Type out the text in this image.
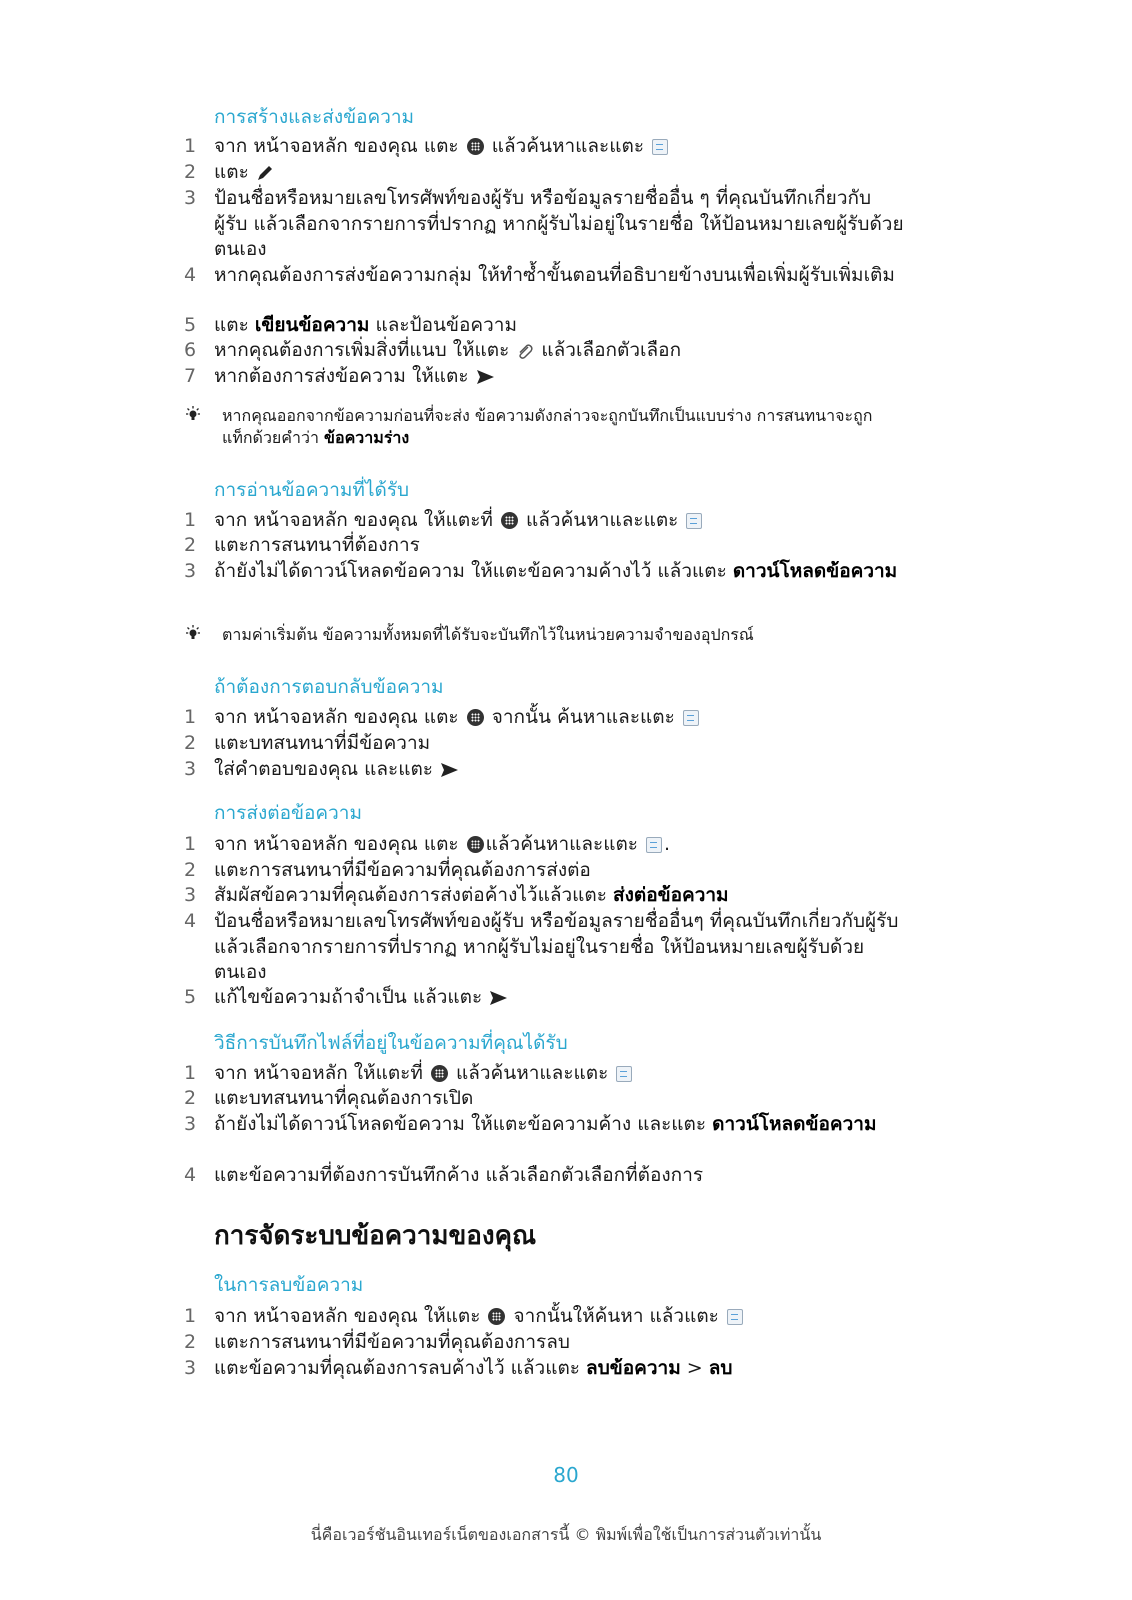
การสร้างและส่งข้อความ
1 จาก หน้าจอหลัก ของคุณ แตะ  แล้วค้นหาและแตะ
2 แตะ
3 ป้อนชื่อหรือหมายเลขโทรศัพท์ของผู้รับ หรือข้อมูลรายชื่ออื่น ๆ ที่คุณบันทึกเกี่ยวกับผู้รับ แล้วเลือกจากรายการที่ปรากฏ หากผู้รับไม่อยู่ในรายชื่อ ให้ป้อนหมายเลขผู้รับด้วยตนเอง
4 หากคุณต้องการส่งข้อความกลุ่ม ให้ทำซ้ำขั้นตอนที่อธิบายข้างบนเพื่อเพิ่มผู้รับเพิ่มเติม
5 แตะ เขียนข้อความ และป้อนข้อความ
6 หากคุณต้องการเพิ่มสิ่งที่แนบ ให้แตะ  แล้วเลือกตัวเลือก
7 หากต้องการส่งข้อความ ให้แตะ
หากคุณออกจากข้อความก่อนที่จะส่ง ข้อความดังกล่าวจะถูกบันทึกเป็นแบบร่าง การสนทนาจะถูกแท็กด้วยคำว่า ข้อความร่าง
การอ่านข้อความที่ได้รับ
1 จาก หน้าจอหลัก ของคุณ ให้แตะที่  แล้วค้นหาและแตะ
2 แตะการสนทนาที่ต้องการ
3 ถ้ายังไม่ได้ดาวน์โหลดข้อความ ให้แตะข้อความค้างไว้ แล้วแตะ ดาวน์โหลดข้อความ
ตามค่าเริ่มต้น ข้อความทั้งหมดที่ได้รับจะบันทึกไว้ในหน่วยความจำของอุปกรณ์
ถ้าต้องการตอบกลับข้อความ
1 จาก หน้าจอหลัก ของคุณ แตะ  จากนั้น ค้นหาและแตะ
2 แตะบทสนทนาที่มีข้อความ
3 ใส่คำตอบของคุณ และแตะ
การส่งต่อข้อความ
1 จาก หน้าจอหลัก ของคุณ แตะ แล้วค้นหาและแตะ .
2 แตะการสนทนาที่มีข้อความที่คุณต้องการส่งต่อ
3 สัมผัสข้อความที่คุณต้องการส่งต่อค้างไว้แล้วแตะ ส่งต่อข้อความ
4 ป้อนชื่อหรือหมายเลขโทรศัพท์ของผู้รับ หรือข้อมูลรายชื่ออื่นๆ ที่คุณบันทึกเกี่ยวกับผู้รับ แล้วเลือกจากรายการที่ปรากฏ หากผู้รับไม่อยู่ในรายชื่อ ให้ป้อนหมายเลขผู้รับด้วยตนเอง
5 แก้ไขข้อความถ้าจำเป็น แล้วแตะ
วิธีการบันทึกไฟล์ที่อยู่ในข้อความที่คุณได้รับ
1 จาก หน้าจอหลัก ให้แตะที่  แล้วค้นหาและแตะ
2 แตะบทสนทนาที่คุณต้องการเปิด
3 ถ้ายังไม่ได้ดาวน์โหลดข้อความ ให้แตะข้อความค้าง และแตะ ดาวน์โหลดข้อความ
4 แตะข้อความที่ต้องการบันทึกค้าง แล้วเลือกตัวเลือกที่ต้องการ
การจัดระบบข้อความของคุณ
ในการลบข้อความ
1 จาก หน้าจอหลัก ของคุณ ให้แตะ  จากนั้นให้ค้นหา แล้วแตะ
2 แตะการสนทนาที่มีข้อความที่คุณต้องการลบ
3 แตะข้อความที่คุณต้องการลบค้างไว้ แล้วแตะ ลบข้อความ > ลบ
80
นี่คือเวอร์ชันอินเทอร์เน็ตของเอกสารนี้ © พิมพ์เพื่อใช้เป็นการส่วนตัวเท่านั้น
